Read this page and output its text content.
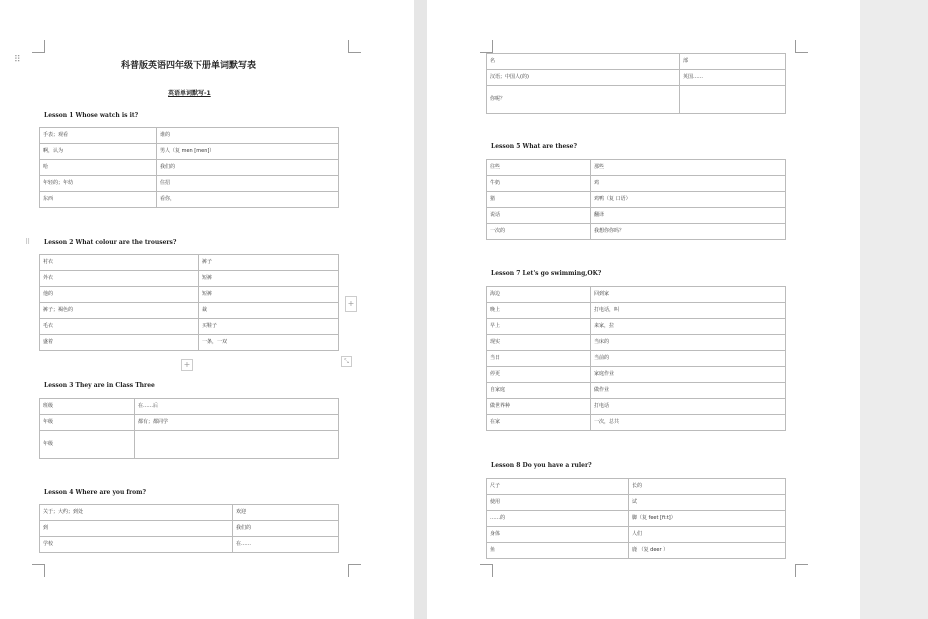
⠿
科普版英语四年级下册单词默写表
英语单词默写-1
Lesson 1 Whose watch is it?
手表；观看	谁的
啊，认为	男人（复 men [men]）
哈	我们的
年轻的；年幼	住招
东西	看你，
⠿ Lesson 2 What colour are the trousers?
衬衣	裤子
外衣	短裤
他的	短裤
裤子；褐色的	裁
毛衣	买鞋子
盛着	一条，一双
+
+
⤡
Lesson 3 They are in Class Three
班级	在……后
年级	都有；都同学
年级	
Lesson 4 Where are you from?
关于；大约；到处	欢迎
到	我们的
学校	在……
名	部
汉语；中国人(的)	英国……
你呢？	
Lesson 5 What are these?
往些	那些
牛奶	鸡
猪	鸡鸭（复 口语）
说话	翻译
一次的	我想你你吗？
Lesson 7 Let's go swimming,OK?
海边	回到家
晚上	打电话，叫
早上	来家，拉
现实	当床的
当日	当前的
停更	家庭作业
自家庭	做作业
做世界种	打电话
在家	一次，总共
Lesson 8 Do you have a ruler?
尺子	长的
使用	试
……的	脚（复 feet [fi:t]）
身体	人们
鱼	鹿 （复 deer ）
